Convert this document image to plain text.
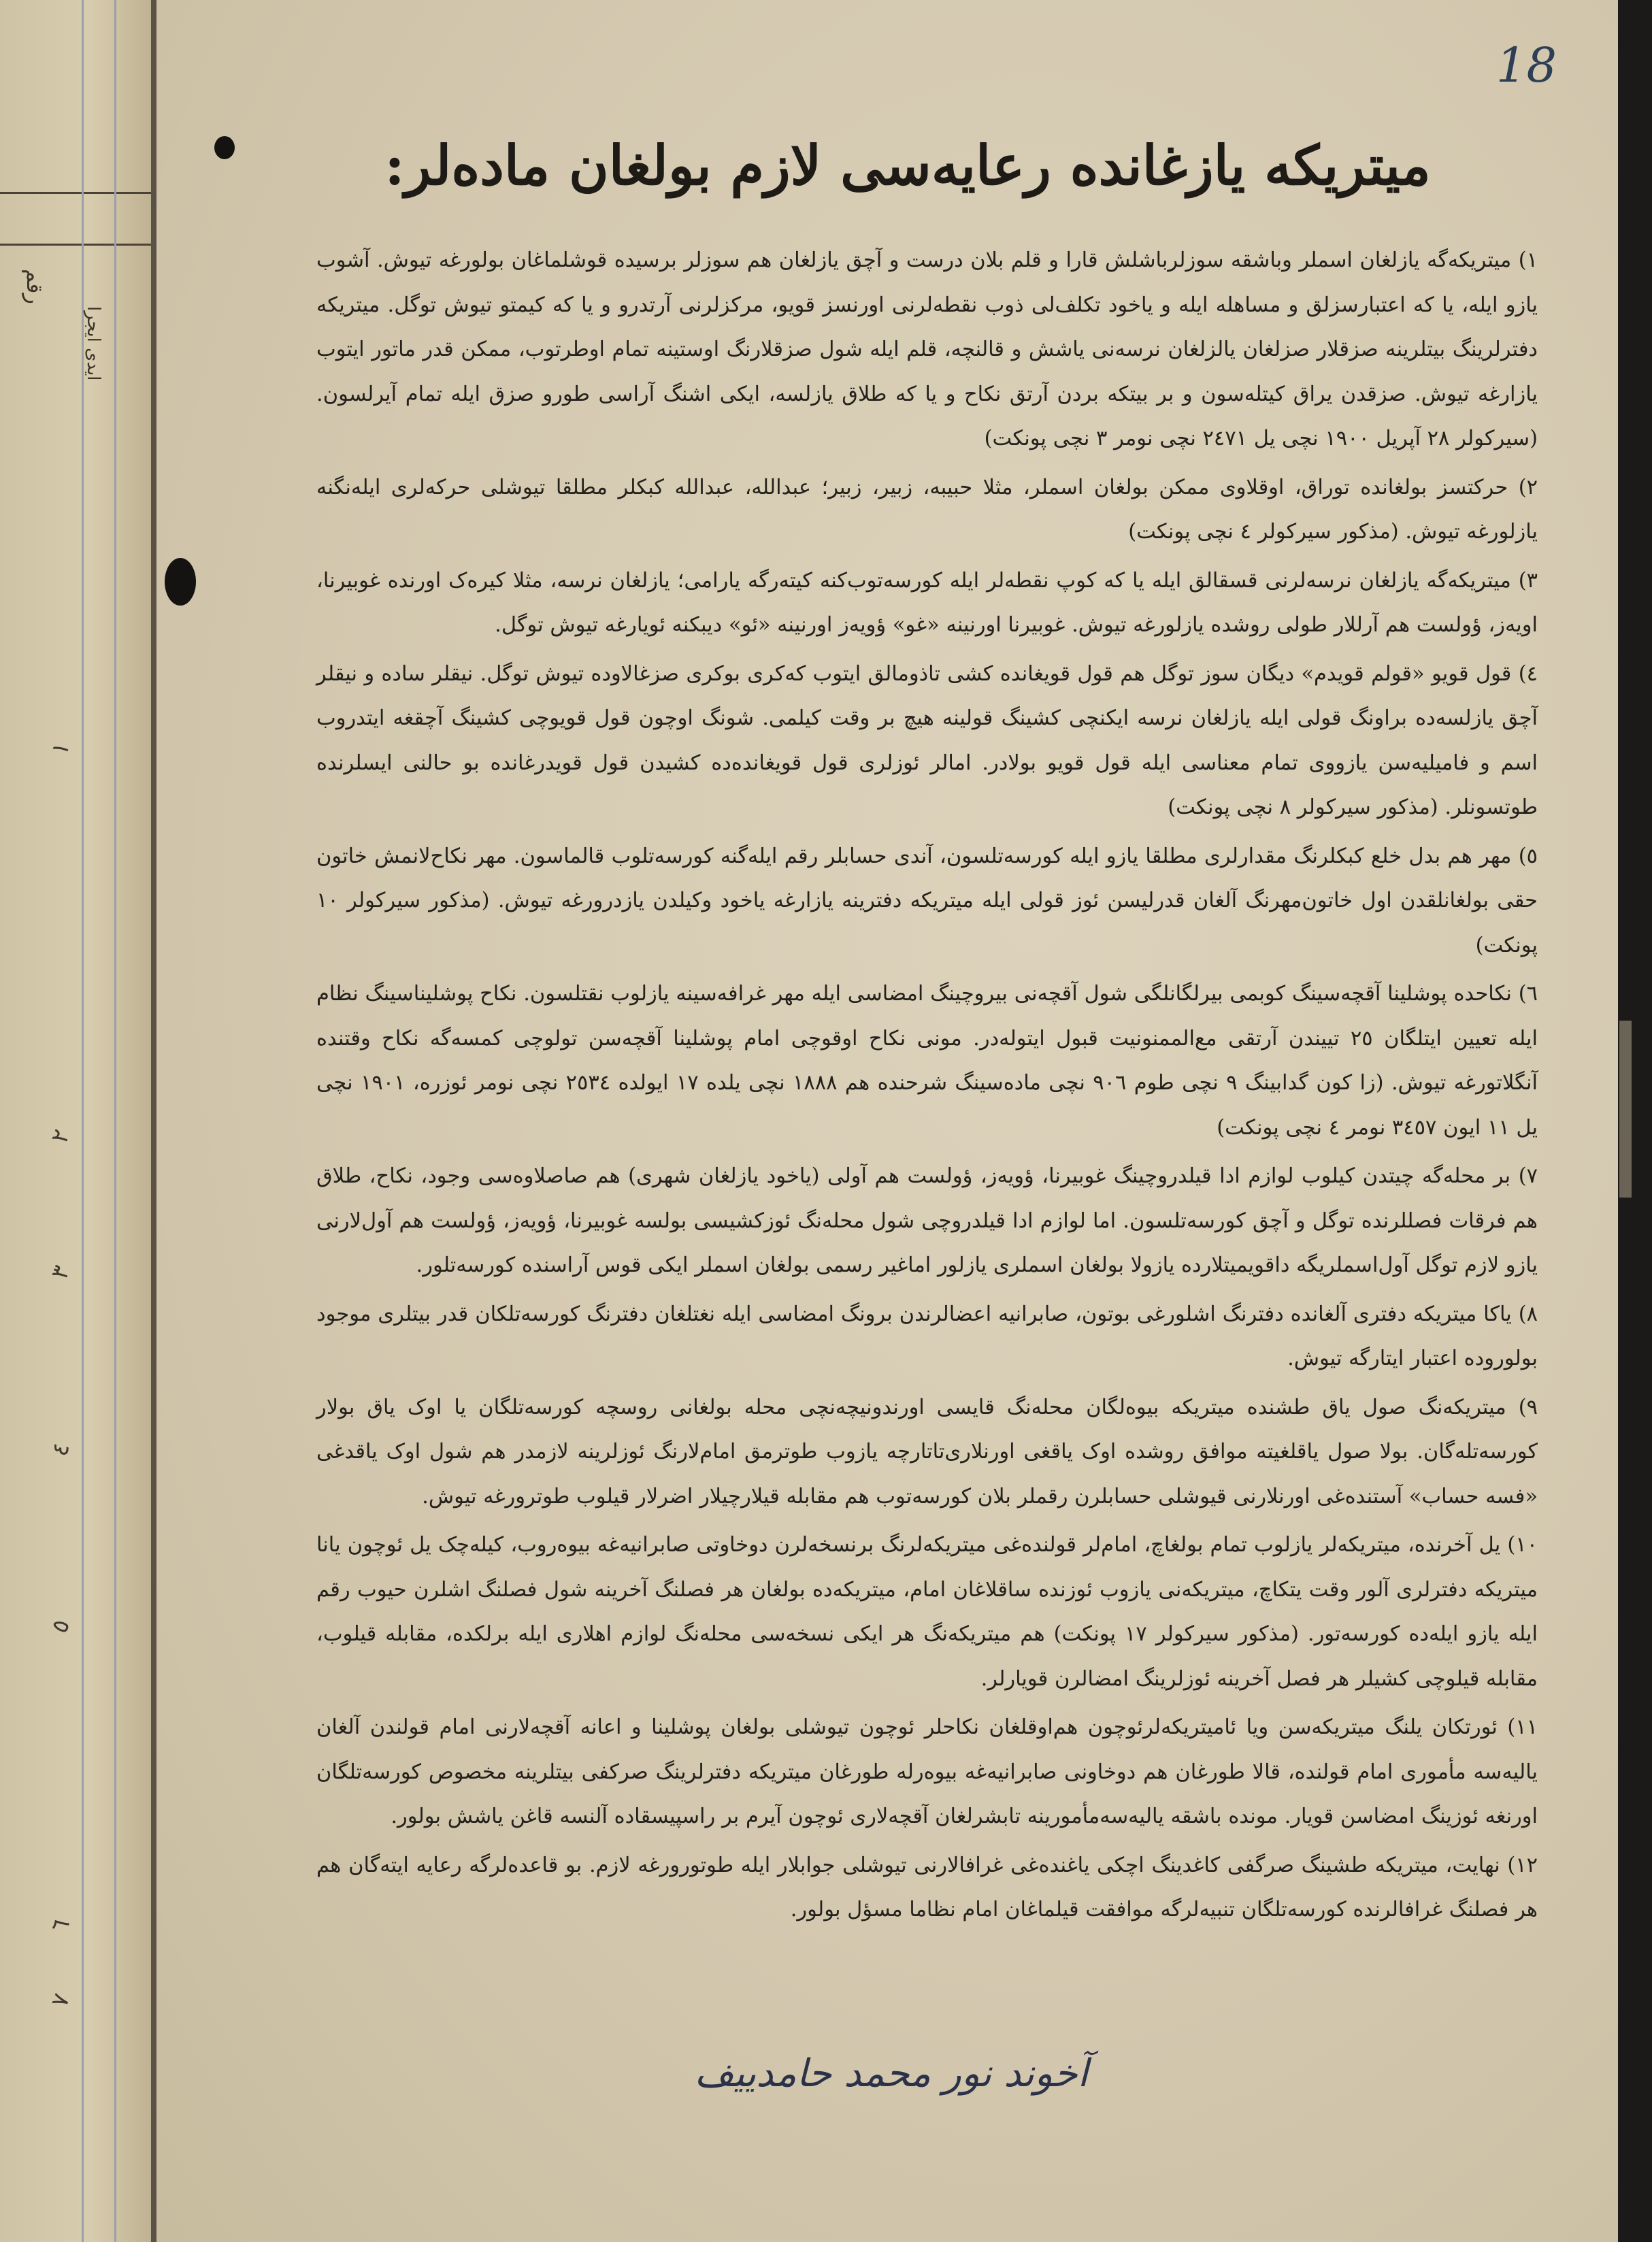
رقم
ایدی ایجرا
١
٢
٣
٤
٥
٦
٧
18
میتریکه یازغانده رعایه‌سی لازم بولغان ماده‌لر:

١) میتریکه‌گه یازلغان اسملر وباشقه سوزلرباشلش قارا و قلم بلان درست و آچق یازلغان هم سوزلر برسیده قوشلماغان بولورغه تیوش. آشوب یازو ایله، یا که اعتبارسزلق و مساهله ایله و یاخود تکلف‌لی ذوب نقطه‌لرنی اورنسز قویو، مرکزلرنی آرتدرو و یا که کیمتو تیوش توگل. میتریکه دفترلرینگ بیتلرینه صزقلار صزلغان یالزلغان نرسه‌نی یاشش و قالنچه، قلم ایله شول صزقلارنگ اوستینه تمام اوطرتوب، ممکن قدر ماتور ایتوب یازارغه تیوش. صزقدن یراق کیتله‌سون و بر بیتکه بردن آرتق نکاح و یا که طلاق یازلسه، ایکی اشنگ آراسی طورو صزق ایله تمام آیرلسون. (سیرکولر ٢٨ آپریل ١٩٠٠ نچی یل ٢٤٧١ نچی نومر ٣ نچی پونکت)

٢) حرکتسز بولغانده توراق، اوقلاوی ممکن بولغان اسملر، مثلا حبیبه، زبیر، زبیر؛ عبدالله، عبدالله کبکلر مطلقا تیوشلی حرکه‌لری ایله‌نگنه یازلورغه تیوش. (مذکور سیرکولر ٤ نچی پونکت)

٣) میتریکه‌گه یازلغان نرسه‌لرنی قسقالق ایله یا که کوپ نقطه‌لر ایله کورسه‌توب‌کنه کیته‌رگه یارامی؛ یازلغان نرسه، مثلا کیره‌ک اورنده غوبیرنا، اویه‌ز، ؤولست هم آرللار طولی روشده یازلورغه تیوش. غوبیرنا اورنینه «غو» ؤویه‌ز اورنینه «ئو» دیبکنه ئویارغه تیوش توگل.

٤) قول قویو «قولم قویدم» دیگان سوز توگل هم قول قویغانده کشی تاذومالق ایتوب که‌کری بوکری صزغالاوده تیوش توگل. نیقلر ساده و نیقلر آچق یازلسه‌ده براونگ قولی ایله یازلغان نرسه ایکنچی کشینگ قولینه هیچ بر وقت کیلمی. شونگ اوچون قول قویوچی کشینگ آچقغه ایتدروب اسم و فامیلیه‌سن یازووی تمام معناسی ایله قول قویو بولادر. امالر ئوزلری قول قویغانده‌ده کشیدن قول قویدرغانده بو حالنی ایسلرنده طوتسونلر. (مذکور سیرکولر ٨ نچی پونکت)

٥) مهر هم بدل خلع کبکلرنگ مقدارلری مطلقا یازو ایله کورسه‌تلسون، آندی حسابلر رقم ایله‌گنه کورسه‌تلوب قالماسون. مهر نکاح‌لانمش خاتون حقی بولغانلقدن اول خاتون‌مهرنگ آلغان قدرلیسن ئوز قولی ایله میتریکه دفترینه یازارغه یاخود وکیلدن یازدرورغه تیوش. (مذکور سیرکولر ١٠ پونکت)

٦) نکاحده پوشلینا آقچه‌سینگ کوبمی بیرلگانلگی شول آقچه‌نی بیروچینگ امضاسی ایله مهر غرافه‌سینه یازلوب نقتلسون. نکاح پوشلیناسینگ نظام ایله تعیین ایتلگان ٢٥ تییندن آرتقی مع‌الممنونیت قبول ایتوله‌در. مونی نکاح اوقوچی امام پوشلینا آقچه‌سن تولوچی کمسه‌گه نکاح وقتنده آنگلاتورغه تیوش. (زا کون گدابینگ ٩ نچی طوم ٩٠٦ نچی ماده‌سینگ شرحنده هم ١٨٨٨ نچی یلده ١٧ ایولده ٢٥٣٤ نچی نومر ئوزره، ١٩٠١ نچی یل ١١ ایون ٣٤٥٧ نومر ٤ نچی پونکت)

٧) بر محله‌گه چیتدن کیلوب لوازم ادا قیلدروچینگ غوبیرنا، ؤویه‌ز، ؤولست هم آولی (یاخود یازلغان شهری) هم صاصلاوه‌سی وجود، نکاح، طلاق هم فرقات فصللرنده توگل و آچق کورسه‌تلسون. اما لوازم ادا قیلدروچی شول محله‌نگ ئوزکشیسی بولسه غوبیرنا، ؤویه‌ز، ؤولست هم آول‌لارنی یازو لازم توگل آول‌اسملریگه داقویمیتلارده یازولا بولغان اسملری یازلور اماغیر رسمی بولغان اسملر ایکی قوس آراسنده کورسه‌تلور.

٨) یاکا میتریکه دفتری آلغانده دفترنگ اشلورغی بوتون، صابرانیه اعضالرندن برونگ امضاسی ایله نغتلغان دفترنگ کورسه‌تلکان قدر بیتلری موجود بولوروده اعتبار ایتارگه تیوش.

٩) میتریکه‌نگ صول یاق طشنده میتریکه بیوه‌لگان محله‌نگ قایسی اورندونیچه‌نچی محله بولغانی روسچه کورسه‌تلگان یا اوک یاق بولار کورسه‌تله‌گان. بولا صول یاقلغیته موافق روشده اوک یاقغی اورنلاری‌تاتارچه یازوب طوترمق امام‌لارنگ ئوزلرینه لازمدر هم شول اوک یاقدغی «فسه حساب» آستنده‌غی اورنلارنی قیوشلی حسابلرن رقملر بلان کورسه‌توب هم مقابله قیلارچیلار اضرلار قیلوب طوترورغه تیوش.

١٠) یل آخرنده، میتریکه‌لر یازلوب تمام بولغاچ، امام‌لر قولنده‌غی میتریکه‌لرنگ برنسخه‌لرن دوخاوتی صابرانیه‌غه بیوه‌روب، کیله‌چک یل ئوچون یانا میتریکه دفترلری آلور وقت یتکاچ، میتریکه‌نی یازوب ئوزنده ساقلاغان امام، میتریکه‌ده بولغان هر فصلنگ آخرینه شول فصلنگ اشلرن حیوب رقم ایله یازو ایله‌ده کورسه‌تور. (مذکور سیرکولر ١٧ پونکت) هم میتریکه‌نگ هر ایکی نسخه‌سی محله‌نگ لوازم اهلاری ایله برلکده، مقابله قیلوب، مقابله قیلوچی کشیلر هر فصل آخرینه ئوزلرینگ امضالرن قویارلر.

١١) ئورتکان یلنگ میتریکه‌سن ویا ئاميتريكه‌لرئوچون هم‌اوقلغان نکاحلر ئوچون تیوشلی بولغان پوشلینا و اعانه آقچه‌لارنی امام قولندن آلغان یالیه‌سه مأموری امام قولنده، قالا طورغان هم دوخاونی صابرانیه‌غه بیوه‌رله طورغان میتریکه دفترلرینگ صرکفی بیتلرینه مخصوص کورسه‌تلگان اورنغه ئوزینگ امضاسن قویار. مونده باشقه یالیه‌سه‌مأمورینه تابشرلغان آقچه‌لاری ئوچون آیرم بر راسپیسقاده آلنسه قاغن یاشش بولور.

١٢) نهایت، میتریکه طشینگ صرگفی کاغدینگ اچکی یاغنده‌غی غرافالارنی تیوشلی جوابلار ایله طوتورورغه لازم. بو قاعده‌لرگه رعایه ایته‌گان هم هر فصلنگ غرافالرنده کورسه‌تلگان تنبیه‌لرگه موافقت قیلماغان امام نظاما مسؤل بولور.

آخوند نور محمد حامدییف
